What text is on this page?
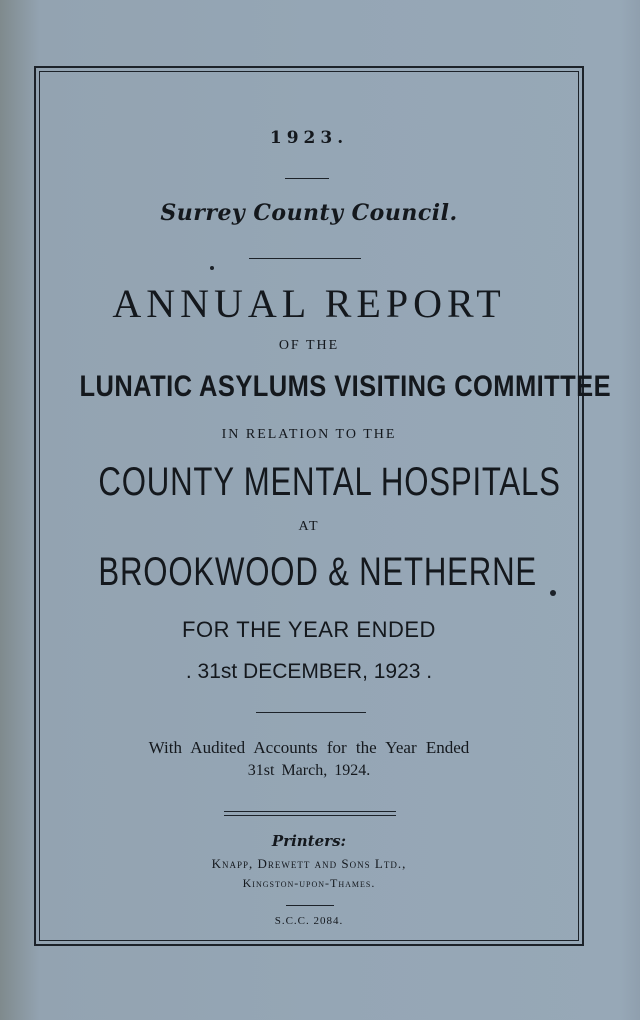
1923.
Surrey County Council.
ANNUAL REPORT
OF THE
LUNATIC ASYLUMS VISITING COMMITTEE
IN RELATION TO THE
COUNTY MENTAL HOSPITALS
AT
BROOKWOOD & NETHERNE
FOR THE YEAR ENDED
. 31st DECEMBER, 1923 .
With Audited Accounts for the Year Ended
31st March, 1924.
Printers:
Knapp, Drewett and Sons Ltd.,
Kingston-upon-Thames.
S.C.C. 2084.
